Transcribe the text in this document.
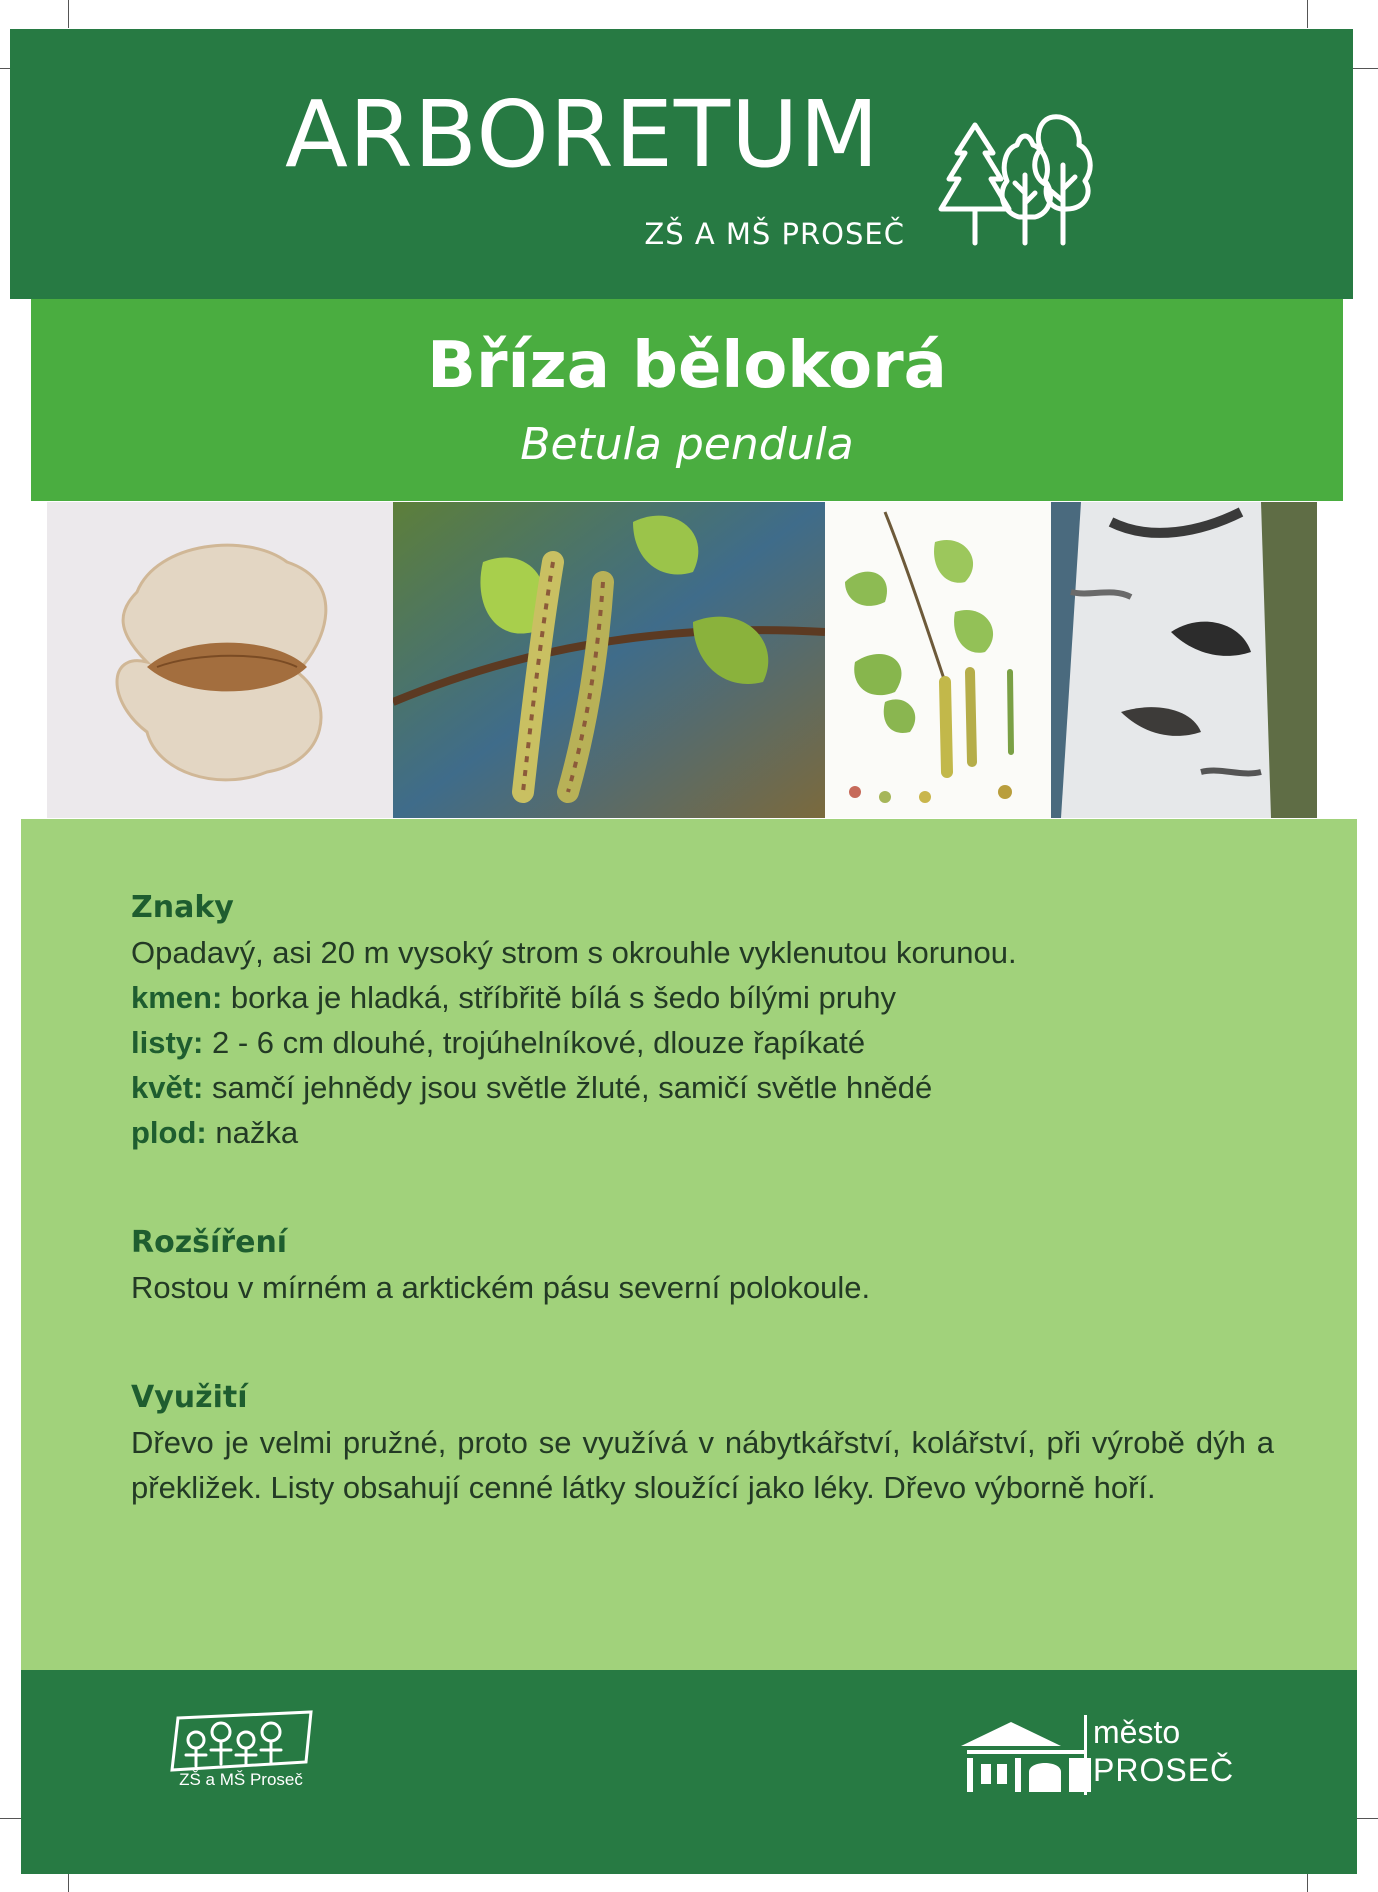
ARBORETUM
ZŠ A MŠ PROSEČ
Bříza bělokorá
Betula pendula
Znaky

Opadavý, asi 20 m vysoký strom s okrouhle vyklenutou korunou.

kmen: borka je hladká, stříbřitě bílá s šedo bílými pruhy

listy: 2 - 6 cm dlouhé, trojúhelníkové, dlouze řapíkaté

květ: samčí jehnědy jsou světle žluté, samičí světle hnědé

plod: nažka

Rozšíření

Rostou v mírném a arktickém pásu severní polokoule.

Využití

Dřevo je velmi pružné, proto se využívá v nábytkářství, kolářství, při výrobě dýh a překližek. Listy obsahují cenné látky sloužící jako léky. Dřevo výborně hoří.

ZŠ a MŠ Proseč
město
PROSEČ
